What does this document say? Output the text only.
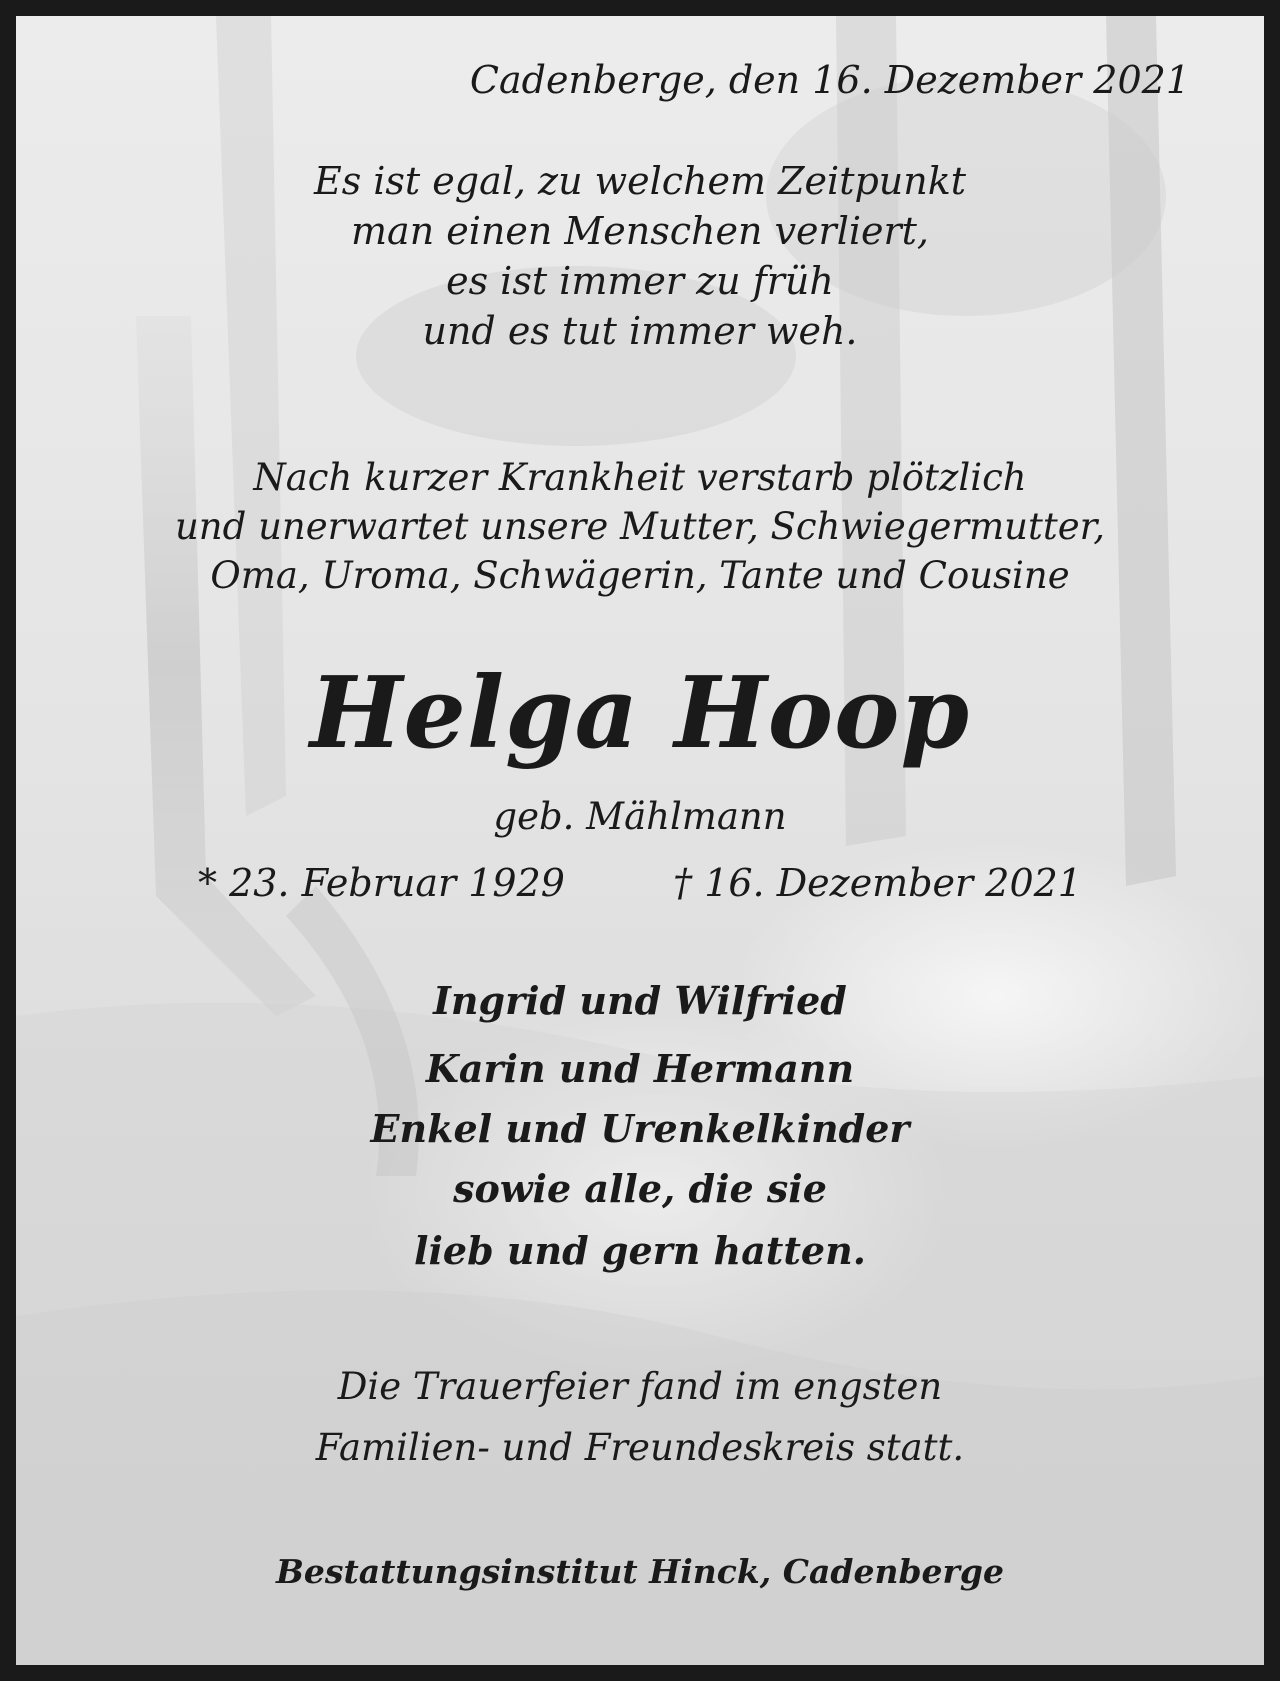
Cadenberge, den 16. Dezember 2021
Es ist egal, zu welchem Zeitpunkt
man einen Menschen verliert,
es ist immer zu früh
und es tut immer weh.
Nach kurzer Krankheit verstarb plötzlich
und unerwartet unsere Mutter, Schwiegermutter,
Oma, Uroma, Schwägerin, Tante und Cousine
Helga Hoop
geb. Mählmann
* 23. Februar 1929	† 16. Dezember 2021
Ingrid und Wilfried
Karin und Hermann
Enkel und Urenkelkinder
sowie alle, die sie
lieb und gern hatten.
Die Trauerfeier fand im engsten
Familien- und Freundeskreis statt.
Bestattungsinstitut Hinck, Cadenberge
